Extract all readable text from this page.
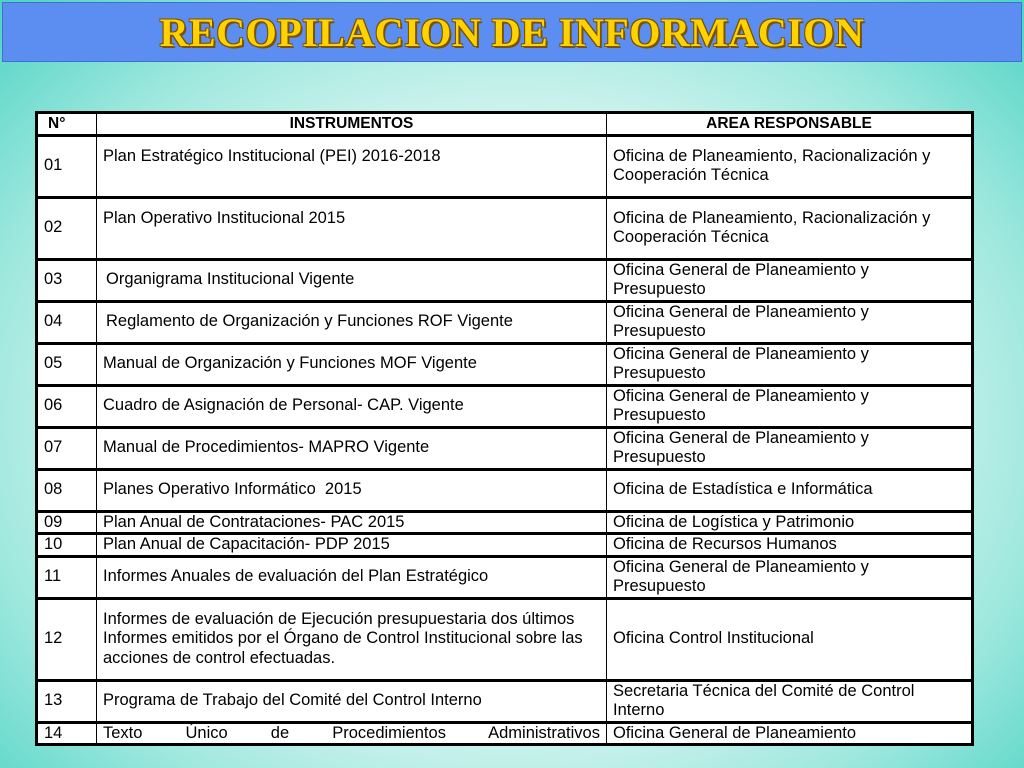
RECOPILACION DE INFORMACION
N°	INSTRUMENTOS	AREA RESPONSABLE
01	Plan Estratégico Institucional (PEI) 2016-2018	Oficina de Planeamiento, Racionalización y Cooperación Técnica
02	Plan Operativo Institucional 2015	Oficina de Planeamiento, Racionalización y Cooperación Técnica
03	Organigrama Institucional Vigente	Oficina General de Planeamiento y Presupuesto
04	Reglamento de Organización y Funciones ROF Vigente	Oficina General de Planeamiento y Presupuesto
05	Manual de Organización y Funciones MOF Vigente	Oficina General de Planeamiento y Presupuesto
06	Cuadro de Asignación de Personal- CAP. Vigente	Oficina General de Planeamiento y Presupuesto
07	Manual de Procedimientos- MAPRO Vigente	Oficina General de Planeamiento y Presupuesto
08	Planes Operativo Informático  2015	Oficina de Estadística e Informática
09	Plan Anual de Contrataciones- PAC 2015	Oficina de Logística y Patrimonio
10	Plan Anual de Capacitación- PDP 2015	Oficina de Recursos Humanos
11	Informes Anuales de evaluación del Plan Estratégico	Oficina General de Planeamiento y Presupuesto
12	Informes de evaluación de Ejecución presupuestaria dos últimos Informes emitidos por el Órgano de Control Institucional sobre las acciones de control efectuadas.	Oficina Control Institucional
13	Programa de Trabajo del Comité del Control Interno	Secretaria Técnica del Comité de Control Interno
14	Texto Único de Procedimientos Administrativos	Oficina General de Planeamiento
